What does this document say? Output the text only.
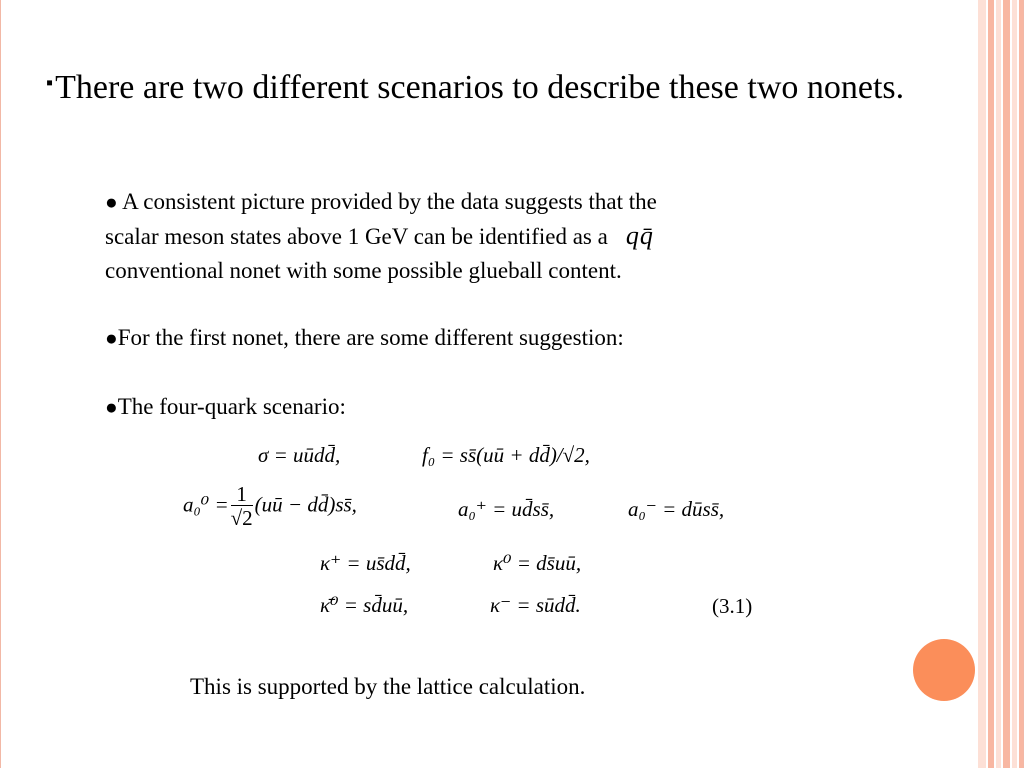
▪There are two different scenarios to describe these two nonets.
● A consistent picture provided by the data suggests that the
scalar meson states above 1 GeV can be identified as a qq̄
conventional nonet with some possible glueball content.
●For the first nonet, there are some different suggestion:
●The four-quark scenario:
σ = uūdd̄,	f₀ = ss̄(uū + dd̄)/√2,
$a_0^0 = \frac{1}{√2}$ (uū − dd̄)ss̄,	a₀⁺ = ud̄ss̄,	a₀⁻ = dūss̄,
κ⁺ = us̄dd̄,	κ⁰ = ds̄uū,
κ̄⁰ = sd̄uū,	κ⁻ = sūdd̄.	(3.1)
This is supported by the lattice calculation.
